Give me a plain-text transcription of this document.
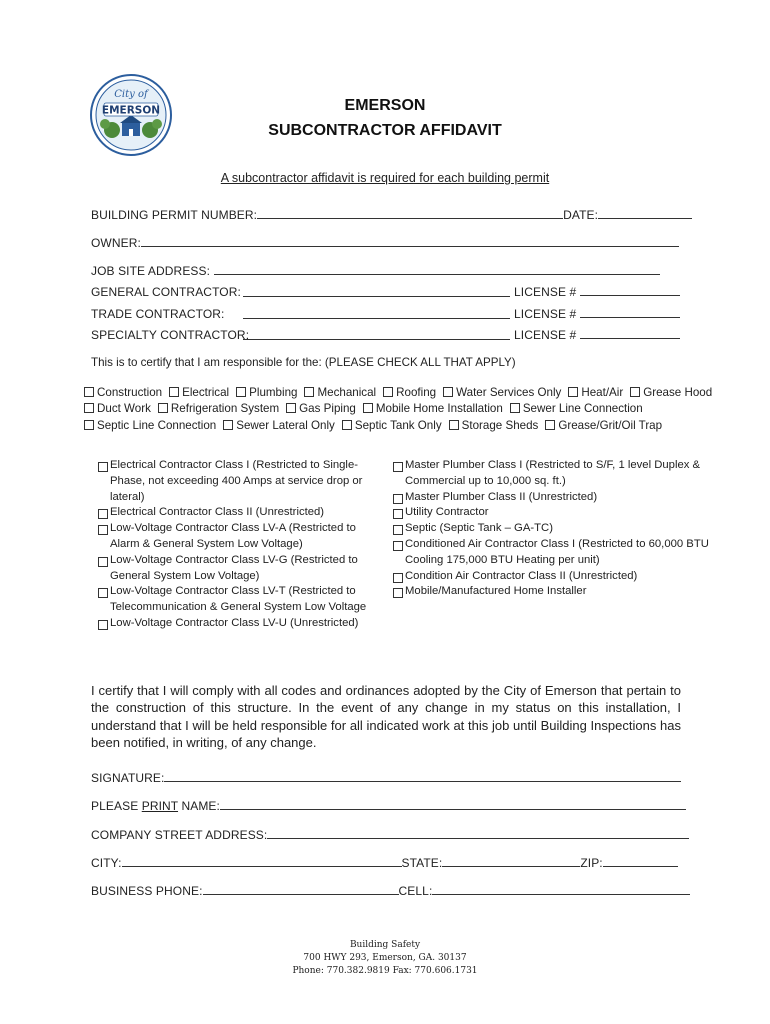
City of
EMERSON	EMERSON
SUBCONTRACTOR AFFIDAVIT
A subcontractor affidavit is required for each building permit
BUILDING PERMIT NUMBER:	DATE:
OWNER:
JOB SITE ADDRESS:
GENERAL CONTRACTOR:	LICENSE #
TRADE CONTRACTOR:	LICENSE #
SPECIALTY CONTRACTOR:	LICENSE #
This is to certify that I am responsible for the: (PLEASE CHECK ALL THAT APPLY)
Construction Electrical Plumbing Mechanical Roofing Water Services Only Heat/Air Grease Hood
Duct Work Refrigeration System Gas Piping Mobile Home Installation Sewer Line Connection
Septic Line Connection Sewer Lateral Only Septic Tank Only Storage Sheds Grease/Grit/Oil Trap
Electrical Contractor Class I (Restricted to Single-Phase, not exceeding 400 Amps at service drop or lateral)
Electrical Contractor Class II (Unrestricted)
Low-Voltage Contractor Class LV-A (Restricted to Alarm & General System Low Voltage)
Low-Voltage Contractor Class LV-G (Restricted to General System Low Voltage)
Low-Voltage Contractor Class LV-T (Restricted to Telecommunication & General System Low Voltage
Low-Voltage Contractor Class LV-U (Unrestricted)
Master Plumber Class I (Restricted to S/F, 1 level Duplex & Commercial up to 10,000 sq. ft.)
Master Plumber Class II (Unrestricted)
Utility Contractor
Septic (Septic Tank – GA-TC)
Conditioned Air Contractor Class I (Restricted to 60,000 BTU Cooling 175,000 BTU Heating per unit)
Condition Air Contractor Class II (Unrestricted)
Mobile/Manufactured Home Installer
I certify that I will comply with all codes and ordinances adopted by the City of Emerson that pertain to the construction of this structure. In the event of any change in my status on this installation, I understand that I will be held responsible for all indicated work at this job until Building Inspections has been notified, in writing, of any change.
SIGNATURE:
PLEASE PRINT NAME:
COMPANY STREET ADDRESS:
CITY:	STATE:	ZIP:
BUSINESS PHONE:	CELL:
Building Safety
700 HWY 293, Emerson, GA. 30137
Phone: 770.382.9819 Fax: 770.606.1731
